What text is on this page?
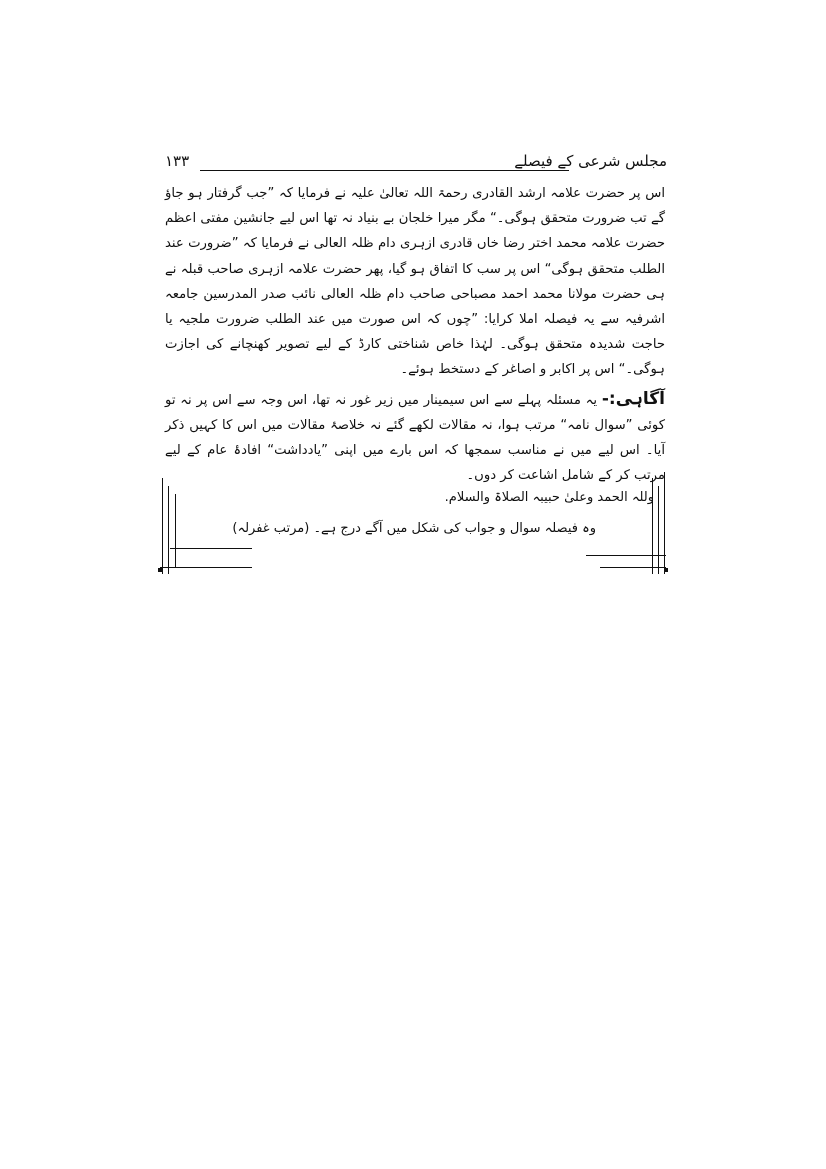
مجلس شرعی کے فیصلے
۱۳۳

اس پر حضرت علامہ ارشد القادری رحمۃ اللہ تعالیٰ علیہ نے فرمایا کہ ”جب گرفتار ہو جاؤ گے تب ضرورت متحقق ہوگی۔“ مگر میرا خلجان بے بنیاد نہ تھا اس لیے جانشین مفتی اعظم حضرت علامہ محمد اختر رضا خاں قادری ازہری دام ظلہ العالی نے فرمایا کہ ”ضرورت عند الطلب متحقق ہوگی“ اس پر سب کا اتفاق ہو گیا، پھر حضرت علامہ ازہری صاحب قبلہ نے ہی حضرت مولانا محمد احمد مصباحی صاحب دام ظلہ العالی نائب صدر المدرسین جامعہ اشرفیہ سے یہ فیصلہ املا کرایا: ”چوں کہ اس صورت میں عند الطلب ضرورت ملجیہ یا حاجت شدیدہ متحقق ہوگی۔ لہٰذا خاص شناختی کارڈ کے لیے تصویر کھنچانے کی اجازت ہوگی۔“ اس پر اکابر و اصاغر کے دستخط ہوئے۔

آگاہی:- یہ مسئلہ پہلے سے اس سیمینار میں زیر غور نہ تھا، اس وجہ سے اس پر نہ تو کوئی ”سوال نامہ“ مرتب ہوا، نہ مقالات لکھے گئے نہ خلاصۂ مقالات میں اس کا کہیں ذکر آیا۔ اس لیے میں نے مناسب سمجھا کہ اس بارے میں اپنی ”یادداشت“ افادۂ عام کے لیے مرتب کر کے شامل اشاعت کر دوں۔

وللہ الحمد وعلیٰ حبیبہ الصلاۃ والسلام.
وہ فیصلہ سوال و جواب کی شکل میں آگے درج ہے۔ (مرتب غفرلہ)
